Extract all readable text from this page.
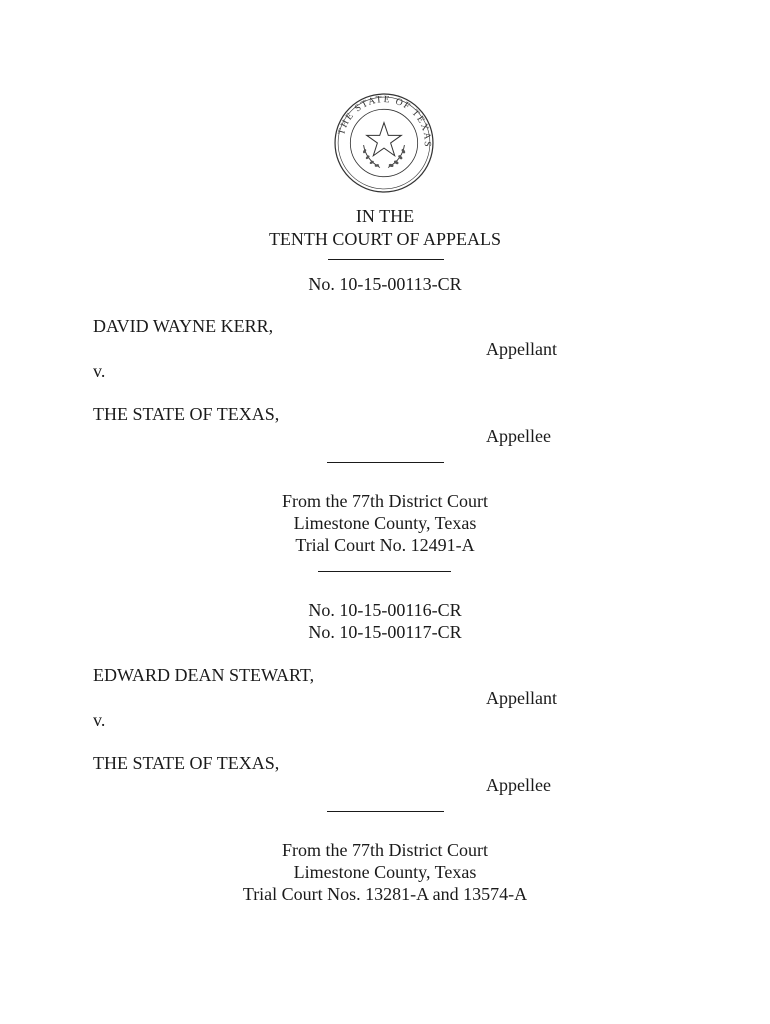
THE STATE OF TEXAS
IN THE
TENTH COURT OF APPEALS
No. 10-15-00113-CR
DAVID WAYNE KERR,
Appellant
v.
THE STATE OF TEXAS,
Appellee
From the 77th District Court
Limestone County, Texas
Trial Court No. 12491-A
No. 10-15-00116-CR
No. 10-15-00117-CR
EDWARD DEAN STEWART,
Appellant
v.
THE STATE OF TEXAS,
Appellee
From the 77th District Court
Limestone County, Texas
Trial Court Nos. 13281-A and 13574-A
